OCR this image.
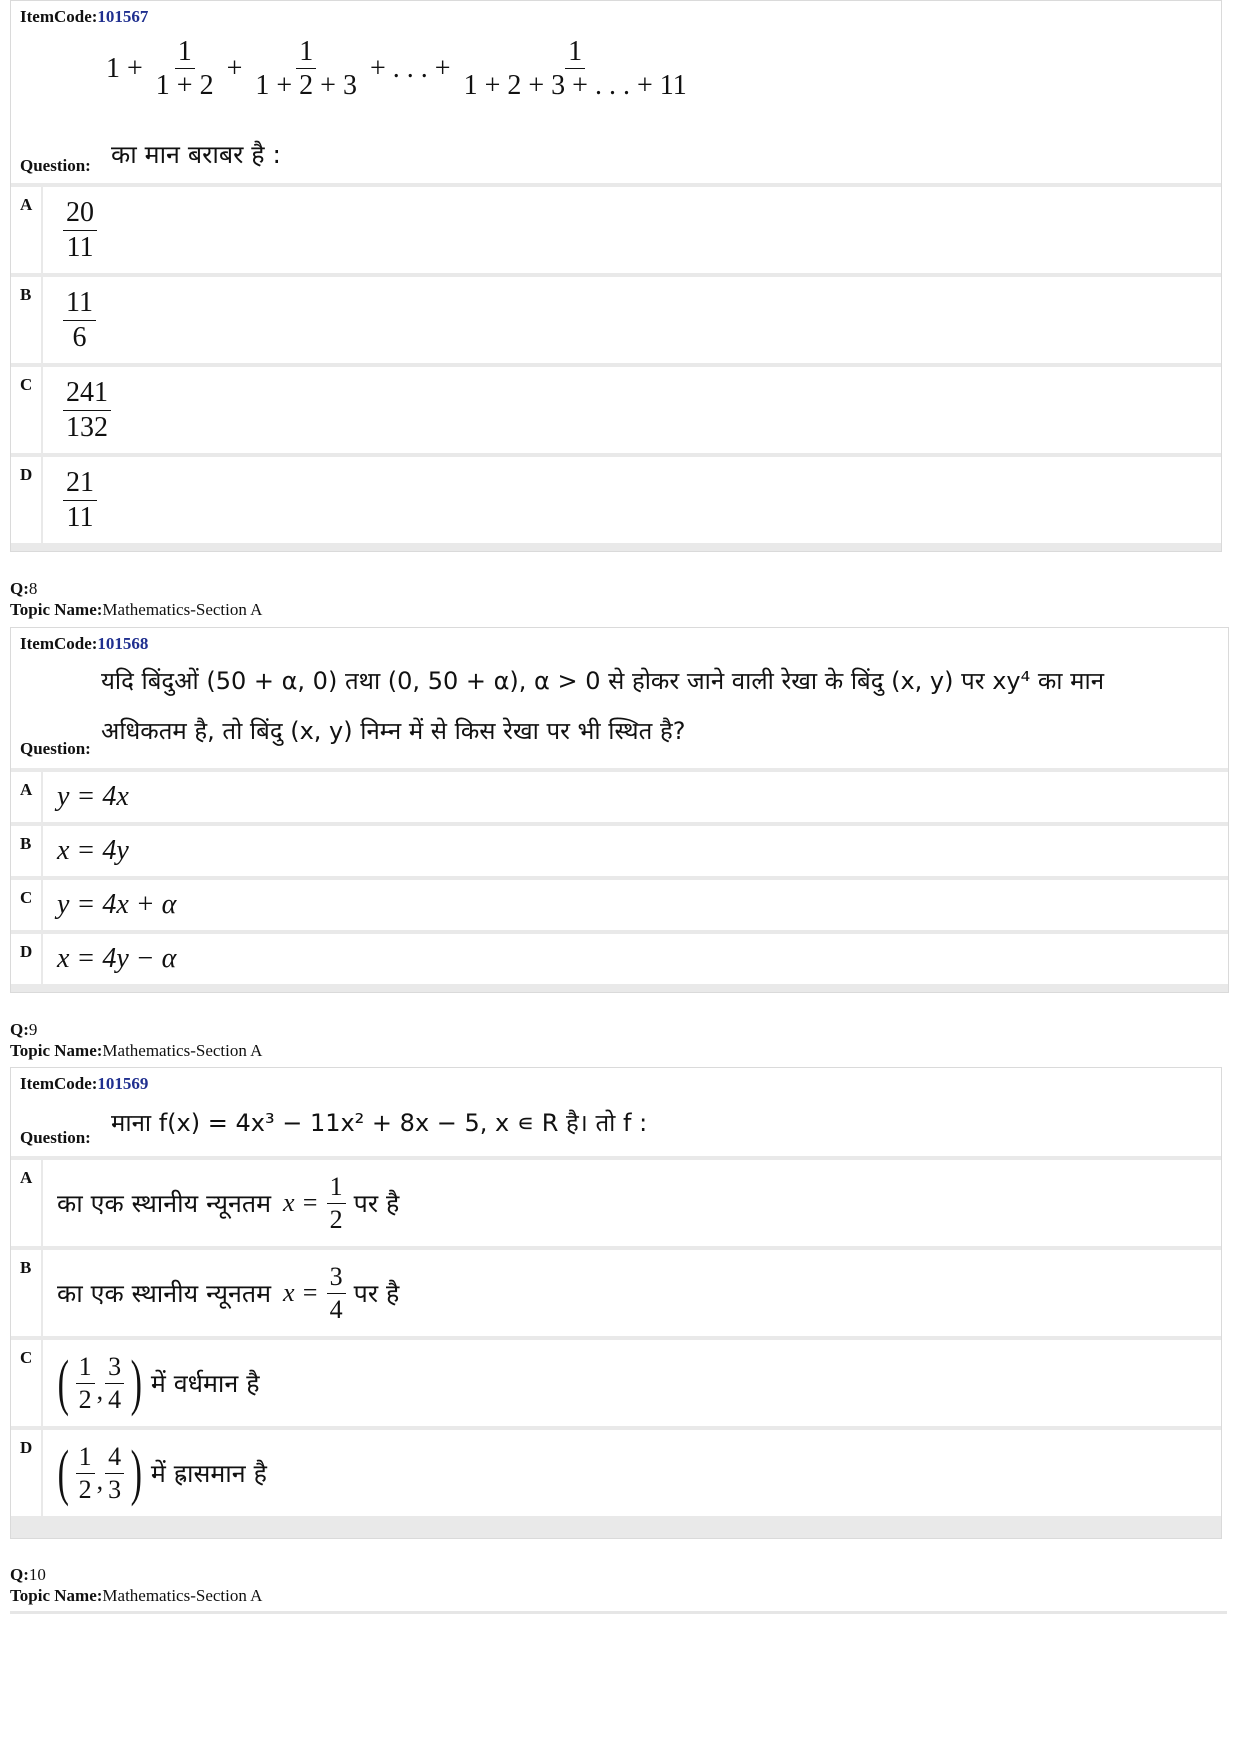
ItemCode:101567
$1 + \frac{1}{1 + 2} + \frac{1}{1 + 2 + 3}$ + . . . + $\frac{1}{1 + 2 + 3 + . . . + 11}$
Question: का मान बराबर है :
A	$\frac{20}{11}$
B	$\frac{11}{6}$
C	$\frac{241}{132}$
D	$\frac{21}{11}$
Q:8
Topic Name:Mathematics-Section A
ItemCode:101568
यदि बिंदुओं (50 + α, 0) तथा (0, 50 + α), α > 0 से होकर जाने वाली रेखा के बिंदु (x, y) पर xy⁴ का मान
अधिकतम है, तो बिंदु (x, y) निम्न में से किस रेखा पर भी स्थित है?
Question:
A y = 4x
B x = 4y
C y = 4x + α
D x = 4y − α
Q:9
Topic Name:Mathematics-Section A
ItemCode:101569
Question:
माना f(x) = 4x³ − 11x² + 8x − 5, x ∊ R है। तो f :
A
का एक स्थानीय न्यूनतम $x = \frac{1}{2}$ पर है
B
का एक स्थानीय न्यूनतम $x = \frac{3}{4}$ पर है
C ( $\frac{1}{2}$ , $\frac{3}{4}$ ) में वर्धमान है
D ( $\frac{1}{2}$ , $\frac{4}{3}$ ) में ह्रासमान है
Q:10
Topic Name:Mathematics-Section A
